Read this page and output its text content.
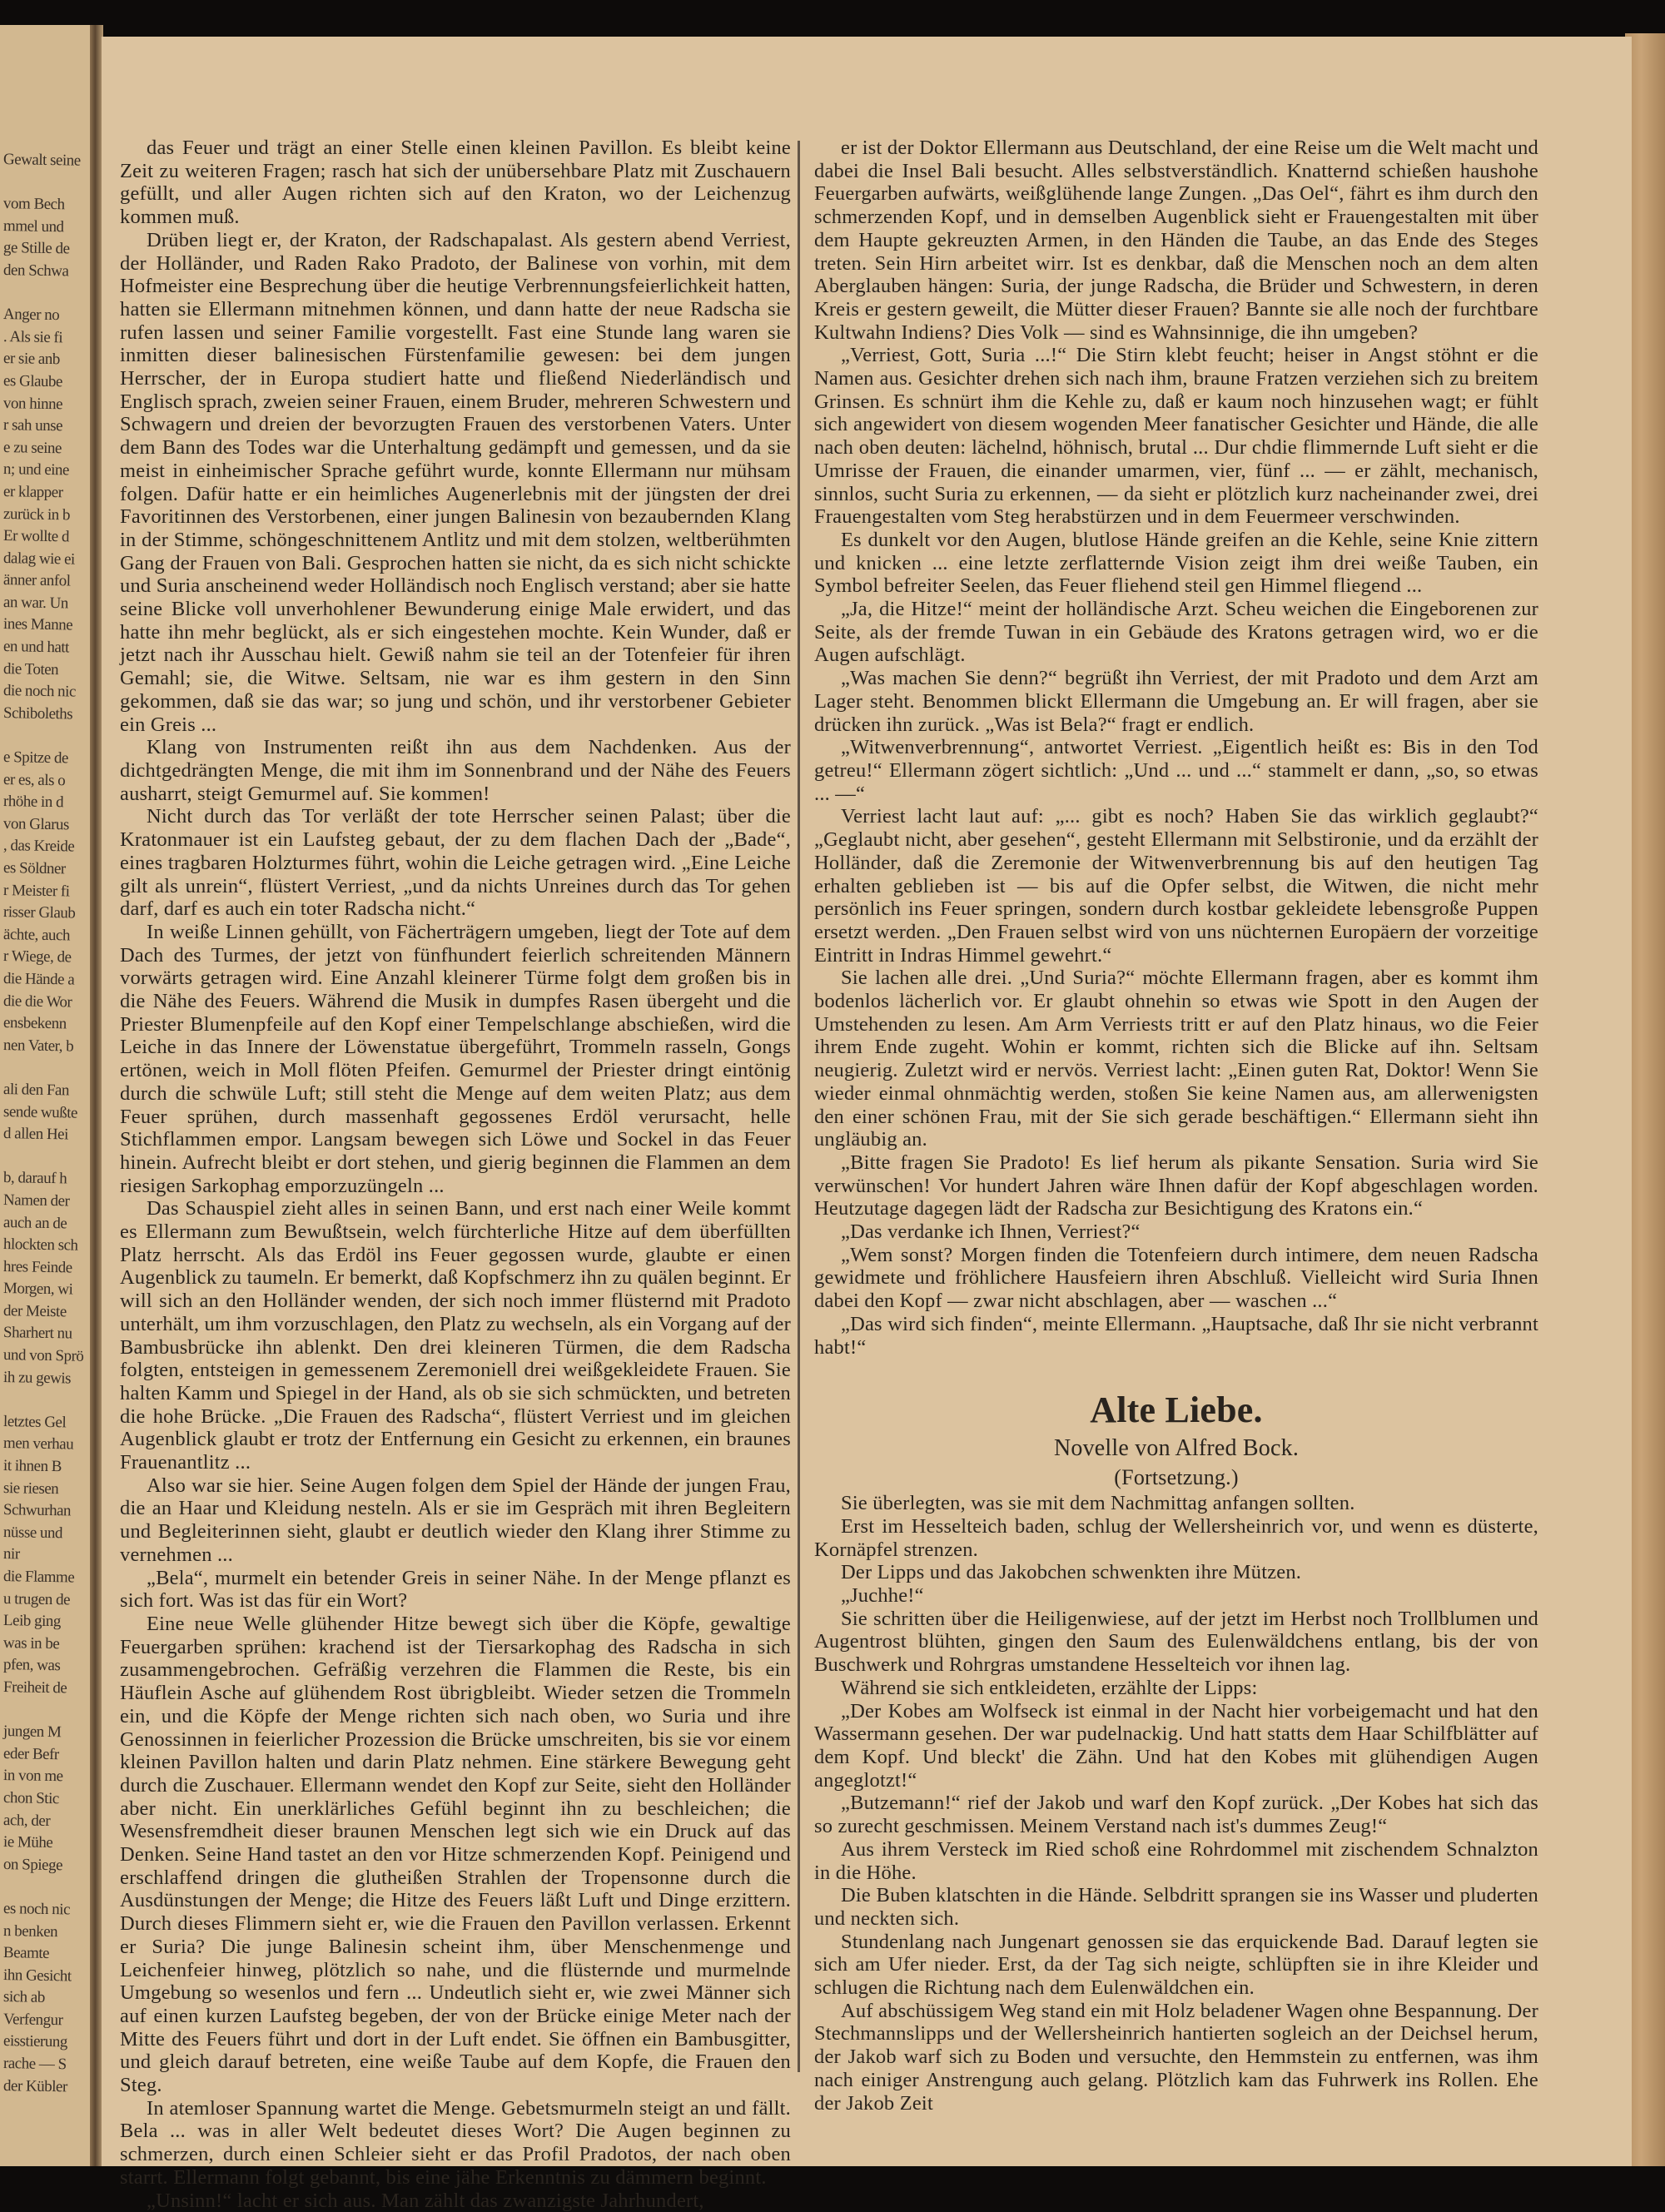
Gewalt seine
vom Bech
mmel und
ge Stille de
den Schwa
Anger no
. Als sie fi
er sie anb
es Glaube
von hinne
r sah unse
e zu seine
n; und eine
er klapper
zurück in b
Er wollte d
dalag wie ei
änner anfol
an war. Un
ines Manne
en und hatt
die Toten
die noch nic
Schiboleths
e Spitze de
er es, als o
rhöhe in d
von Glarus
, das Kreide
es Söldner
r Meister fi
risser Glaub
ächte, auch
r Wiege, de
die Hände a
die die Wor
ensbekenn
nen Vater, b
ali den Fan
sende wußte
d allen Hei
b, darauf h
Namen der
auch an de
hlockten sch
hres Feinde
Morgen, wi
der Meiste
Sharhert nu
und von Sprö
ih zu gewis
letztes Gel
men verhau
it ihnen B
sie riesen
Schwurhan
nüsse und
nir
die Flamme
u trugen de
Leib ging
was in be
pfen, was
Freiheit de
jungen M
eder Befr
in von me
chon Stic
ach, der
ie Mühe
on Spiege
es noch nic
n benken
Beamte
ihn Gesicht
sich ab
Verfengur
eisstierung
rache — S
der Kübler

das Feuer und trägt an einer Stelle einen kleinen Pavillon. Es bleibt keine Zeit zu weiteren Fragen; rasch hat sich der unübersehbare Platz mit Zuschauern gefüllt, und aller Augen richten sich auf den Kraton, wo der Leichenzug kommen muß.

Drüben liegt er, der Kraton, der Radschapalast. Als gestern abend Verriest, der Holländer, und Raden Rako Pradoto, der Balinese von vorhin, mit dem Hofmeister eine Besprechung über die heutige Verbrennungsfeierlichkeit hatten, hatten sie Ellermann mitnehmen können, und dann hatte der neue Radscha sie rufen lassen und seiner Familie vorgestellt. Fast eine Stunde lang waren sie inmitten dieser balinesischen Fürstenfamilie gewesen: bei dem jungen Herrscher, der in Europa studiert hatte und fließend Niederländisch und Englisch sprach, zweien seiner Frauen, einem Bruder, mehreren Schwestern und Schwagern und dreien der bevorzugten Frauen des verstorbenen Vaters. Unter dem Bann des Todes war die Unterhaltung gedämpft und gemessen, und da sie meist in einheimischer Sprache geführt wurde, konnte Ellermann nur mühsam folgen. Dafür hatte er ein heimliches Augenerlebnis mit der jüngsten der drei Favoritinnen des Verstorbenen, einer jungen Balinesin von bezaubernden Klang in der Stimme, schöngeschnittenem Antlitz und mit dem stolzen, weltberühmten Gang der Frauen von Bali. Gesprochen hatten sie nicht, da es sich nicht schickte und Suria anscheinend weder Holländisch noch Englisch verstand; aber sie hatte seine Blicke voll unverhohlener Bewunderung einige Male erwidert, und das hatte ihn mehr beglückt, als er sich eingestehen mochte. Kein Wunder, daß er jetzt nach ihr Ausschau hielt. Gewiß nahm sie teil an der Totenfeier für ihren Gemahl; sie, die Witwe. Seltsam, nie war es ihm gestern in den Sinn gekommen, daß sie das war; so jung und schön, und ihr verstorbener Gebieter ein Greis ...

Klang von Instrumenten reißt ihn aus dem Nachdenken. Aus der dichtgedrängten Menge, die mit ihm im Sonnenbrand und der Nähe des Feuers ausharrt, steigt Gemurmel auf. Sie kommen!

Nicht durch das Tor verläßt der tote Herrscher seinen Palast; über die Kratonmauer ist ein Laufsteg gebaut, der zu dem flachen Dach der „Bade“, eines tragbaren Holzturmes führt, wohin die Leiche getragen wird. „Eine Leiche gilt als unrein“, flüstert Verriest, „und da nichts Unreines durch das Tor gehen darf, darf es auch ein toter Radscha nicht.“

In weiße Linnen gehüllt, von Fächerträgern umgeben, liegt der Tote auf dem Dach des Turmes, der jetzt von fünfhundert feierlich schreitenden Männern vorwärts getragen wird. Eine Anzahl kleinerer Türme folgt dem großen bis in die Nähe des Feuers. Während die Musik in dumpfes Rasen übergeht und die Priester Blumenpfeile auf den Kopf einer Tempelschlange abschießen, wird die Leiche in das Innere der Löwenstatue übergeführt, Trommeln rasseln, Gongs ertönen, weich in Moll flöten Pfeifen. Gemurmel der Priester dringt eintönig durch die schwüle Luft; still steht die Menge auf dem weiten Platz; aus dem Feuer sprühen, durch massenhaft gegossenes Erdöl verursacht, helle Stichflammen empor. Langsam bewegen sich Löwe und Sockel in das Feuer hinein. Aufrecht bleibt er dort stehen, und gierig beginnen die Flammen an dem riesigen Sarkophag emporzuzüngeln ...

Das Schauspiel zieht alles in seinen Bann, und erst nach einer Weile kommt es Ellermann zum Bewußtsein, welch fürchterliche Hitze auf dem überfüllten Platz herrscht. Als das Erdöl ins Feuer gegossen wurde, glaubte er einen Augenblick zu taumeln. Er bemerkt, daß Kopfschmerz ihn zu quälen beginnt. Er will sich an den Holländer wenden, der sich noch immer flüsternd mit Pradoto unterhält, um ihm vorzuschlagen, den Platz zu wechseln, als ein Vorgang auf der Bambusbrücke ihn ablenkt. Den drei kleineren Türmen, die dem Radscha folgten, entsteigen in gemessenem Zeremoniell drei weißgekleidete Frauen. Sie halten Kamm und Spiegel in der Hand, als ob sie sich schmückten, und betreten die hohe Brücke. „Die Frauen des Radscha“, flüstert Verriest und im gleichen Augenblick glaubt er trotz der Entfernung ein Gesicht zu erkennen, ein braunes Frauenantlitz ...

Also war sie hier. Seine Augen folgen dem Spiel der Hände der jungen Frau, die an Haar und Kleidung nesteln. Als er sie im Gespräch mit ihren Begleitern und Begleiterinnen sieht, glaubt er deutlich wieder den Klang ihrer Stimme zu vernehmen ...

„Bela“, murmelt ein betender Greis in seiner Nähe. In der Menge pflanzt es sich fort. Was ist das für ein Wort?

Eine neue Welle glühender Hitze bewegt sich über die Köpfe, gewaltige Feuergarben sprühen: krachend ist der Tiersarkophag des Radscha in sich zusammengebrochen. Gefräßig verzehren die Flammen die Reste, bis ein Häuflein Asche auf glühendem Rost übrigbleibt. Wieder setzen die Trommeln ein, und die Köpfe der Menge richten sich nach oben, wo Suria und ihre Genossinnen in feierlicher Prozession die Brücke umschreiten, bis sie vor einem kleinen Pavillon halten und darin Platz nehmen. Eine stärkere Bewegung geht durch die Zuschauer. Ellermann wendet den Kopf zur Seite, sieht den Holländer aber nicht. Ein unerklärliches Gefühl beginnt ihn zu beschleichen; die Wesensfremdheit dieser braunen Menschen legt sich wie ein Druck auf das Denken. Seine Hand tastet an den vor Hitze schmerzenden Kopf. Peinigend und erschlaffend dringen die glutheißen Strahlen der Tropensonne durch die Ausdünstungen der Menge; die Hitze des Feuers läßt Luft und Dinge erzittern. Durch dieses Flimmern sieht er, wie die Frauen den Pavillon verlassen. Erkennt er Suria? Die junge Balinesin scheint ihm, über Menschenmenge und Leichenfeier hinweg, plötzlich so nahe, und die flüsternde und murmelnde Umgebung so wesenlos und fern ... Undeutlich sieht er, wie zwei Männer sich auf einen kurzen Laufsteg begeben, der von der Brücke einige Meter nach der Mitte des Feuers führt und dort in der Luft endet. Sie öffnen ein Bambusgitter, und gleich darauf betreten, eine weiße Taube auf dem Kopfe, die Frauen den Steg.

In atemloser Spannung wartet die Menge. Gebetsmurmeln steigt an und fällt. Bela ... was in aller Welt bedeutet dieses Wort? Die Augen beginnen zu schmerzen, durch einen Schleier sieht er das Profil Pradotos, der nach oben starrt. Ellermann folgt gebannt, bis eine jähe Erkenntnis zu dämmern beginnt.

„Unsinn!“ lacht er sich aus. Man zählt das zwanzigste Jahrhundert,

er ist der Doktor Ellermann aus Deutschland, der eine Reise um die Welt macht und dabei die Insel Bali besucht. Alles selbstverständlich. Knatternd schießen haushohe Feuergarben aufwärts, weißglühende lange Zungen. „Das Oel“, fährt es ihm durch den schmerzenden Kopf, und in demselben Augenblick sieht er Frauengestalten mit über dem Haupte gekreuzten Armen, in den Händen die Taube, an das Ende des Steges treten. Sein Hirn arbeitet wirr. Ist es denkbar, daß die Menschen noch an dem alten Aberglauben hängen: Suria, der junge Radscha, die Brüder und Schwestern, in deren Kreis er gestern geweilt, die Mütter dieser Frauen? Bannte sie alle noch der furchtbare Kultwahn Indiens? Dies Volk — sind es Wahnsinnige, die ihn umgeben?

„Verriest, Gott, Suria ...!“ Die Stirn klebt feucht; heiser in Angst stöhnt er die Namen aus. Gesichter drehen sich nach ihm, braune Fratzen verziehen sich zu breitem Grinsen. Es schnürt ihm die Kehle zu, daß er kaum noch hinzusehen wagt; er fühlt sich angewidert von diesem wogenden Meer fanatischer Gesichter und Hände, die alle nach oben deuten: lächelnd, höhnisch, brutal ... Dur chdie flimmernde Luft sieht er die Umrisse der Frauen, die einander umarmen, vier, fünf ... — er zählt, mechanisch, sinnlos, sucht Suria zu erkennen, — da sieht er plötzlich kurz nacheinander zwei, drei Frauengestalten vom Steg herabstürzen und in dem Feuermeer verschwinden.

Es dunkelt vor den Augen, blutlose Hände greifen an die Kehle, seine Knie zittern und knicken ... eine letzte zerflatternde Vision zeigt ihm drei weiße Tauben, ein Symbol befreiter Seelen, das Feuer fliehend steil gen Himmel fliegend ...

„Ja, die Hitze!“ meint der holländische Arzt. Scheu weichen die Eingeborenen zur Seite, als der fremde Tuwan in ein Gebäude des Kratons getragen wird, wo er die Augen aufschlägt.

„Was machen Sie denn?“ begrüßt ihn Verriest, der mit Pradoto und dem Arzt am Lager steht. Benommen blickt Ellermann die Umgebung an. Er will fragen, aber sie drücken ihn zurück. „Was ist Bela?“ fragt er endlich.

„Witwenverbrennung“, antwortet Verriest. „Eigentlich heißt es: Bis in den Tod getreu!“ Ellermann zögert sichtlich: „Und ... und ...“ stammelt er dann, „so, so etwas ... —“

Verriest lacht laut auf: „... gibt es noch? Haben Sie das wirklich geglaubt?“ „Geglaubt nicht, aber gesehen“, gesteht Ellermann mit Selbstironie, und da erzählt der Holländer, daß die Zeremonie der Witwenverbrennung bis auf den heutigen Tag erhalten geblieben ist — bis auf die Opfer selbst, die Witwen, die nicht mehr persönlich ins Feuer springen, sondern durch kostbar gekleidete lebensgroße Puppen ersetzt werden. „Den Frauen selbst wird von uns nüchternen Europäern der vorzeitige Eintritt in Indras Himmel gewehrt.“

Sie lachen alle drei. „Und Suria?“ möchte Ellermann fragen, aber es kommt ihm bodenlos lächerlich vor. Er glaubt ohnehin so etwas wie Spott in den Augen der Umstehenden zu lesen. Am Arm Verriests tritt er auf den Platz hinaus, wo die Feier ihrem Ende zugeht. Wohin er kommt, richten sich die Blicke auf ihn. Seltsam neugierig. Zuletzt wird er nervös. Verriest lacht: „Einen guten Rat, Doktor! Wenn Sie wieder einmal ohnmächtig werden, stoßen Sie keine Namen aus, am allerwenigsten den einer schönen Frau, mit der Sie sich gerade beschäftigen.“ Ellermann sieht ihn ungläubig an.

„Bitte fragen Sie Pradoto! Es lief herum als pikante Sensation. Suria wird Sie verwünschen! Vor hundert Jahren wäre Ihnen dafür der Kopf abgeschlagen worden. Heutzutage dagegen lädt der Radscha zur Besichtigung des Kratons ein.“

„Das verdanke ich Ihnen, Verriest?“

„Wem sonst? Morgen finden die Totenfeiern durch intimere, dem neuen Radscha gewidmete und fröhlichere Hausfeiern ihren Abschluß. Vielleicht wird Suria Ihnen dabei den Kopf — zwar nicht abschlagen, aber — waschen ...“

„Das wird sich finden“, meinte Ellermann. „Hauptsache, daß Ihr sie nicht verbrannt habt!“

Alte Liebe.

Novelle von Alfred Bock.

(Fortsetzung.)

Sie überlegten, was sie mit dem Nachmittag anfangen sollten.

Erst im Hesselteich baden, schlug der Wellersheinrich vor, und wenn es düsterte, Kornäpfel strenzen.

Der Lipps und das Jakobchen schwenkten ihre Mützen.

„Juchhe!“

Sie schritten über die Heiligenwiese, auf der jetzt im Herbst noch Trollblumen und Augentrost blühten, gingen den Saum des Eulenwäldchens entlang, bis der von Buschwerk und Rohrgras umstandene Hesselteich vor ihnen lag.

Während sie sich entkleideten, erzählte der Lipps:

„Der Kobes am Wolfseck ist einmal in der Nacht hier vorbeigemacht und hat den Wassermann gesehen. Der war pudelnackig. Und hatt statts dem Haar Schilfblätter auf dem Kopf. Und bleckt' die Zähn. Und hat den Kobes mit glühendigen Augen angeglotzt!“

„Butzemann!“ rief der Jakob und warf den Kopf zurück. „Der Kobes hat sich das so zurecht geschmissen. Meinem Verstand nach ist's dummes Zeug!“

Aus ihrem Versteck im Ried schoß eine Rohrdommel mit zischendem Schnalzton in die Höhe.

Die Buben klatschten in die Hände. Selbdritt sprangen sie ins Wasser und pluderten und neckten sich.

Stundenlang nach Jungenart genossen sie das erquickende Bad. Darauf legten sie sich am Ufer nieder. Erst, da der Tag sich neigte, schlüpften sie in ihre Kleider und schlugen die Richtung nach dem Eulenwäldchen ein.

Auf abschüssigem Weg stand ein mit Holz beladener Wagen ohne Bespannung. Der Stechmannslipps und der Wellersheinrich hantierten sogleich an der Deichsel herum, der Jakob warf sich zu Boden und versuchte, den Hemmstein zu entfernen, was ihm nach einiger Anstrengung auch gelang. Plötzlich kam das Fuhrwerk ins Rollen. Ehe der Jakob Zeit
